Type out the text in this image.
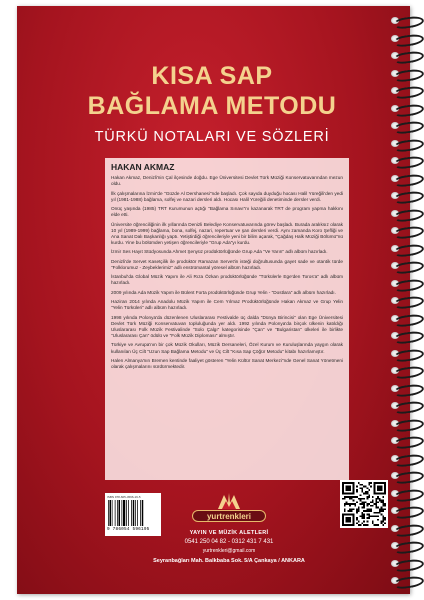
KISA SAP
BAĞLAMA METODU
TÜRKÜ NOTALARI VE SÖZLERİ
HAKAN AKMAZ

Hakan Akmaz, Denizli'nin Çal ilçesinde doğdu. Ege Üniversitesi Devlet Türk Müziği Konservatuvarından mezun oldu.

İlk çalışmalarına İzmir'de "Güzde Al Dershanesi"nde başladı. Çok sayıda duyduğu hocası Halil Yüreğili'den yedi yıl (1981-1988) bağlama, solfej ve nazari dersleri aldı. Hocası Halil Yüreğili denetiminde dersler verdi.

Onüç yaşında (1985) TRT Kurumunun açtığı "Bağlama Sınavı"nı kazanarak TRT de program yapma hakkını elde etti.

Üniversite öğrenciliğinin ilk yıllarında Denizli Belediye Konservatuvarında görev başladı. Burada aralıksız olarak 10 yıl (1989-1999) bağlama, bona, solfej, nazari, repertuar ve şan dersleri verdi. Aynı zamanda Koro Şefliği ve Ana Sanat Dalı Başkanlığı yaptı. Yetiştirdiği öğrencileriyle yeni bir bilim açarak, "Çağdaş Halk Müziği Bölümü"nü kurdu. Yine bu bölümden yetişen öğrencileriyle "Grup Ada"yı kurdu.

İzmir Ses Hayıt Stüdyosunda Ahmet Şenyüz prodüktörlüğünde Grup Ada "Ve Yarın" adlı albüm hazırladı.

Denizli'de Servet Kasetçilik ile prodüktör Ramazan Servet'in isteği doğrultusunda gayet sade ve otantik türde "Folklorumuz - Zeybeklerimiz" adlı enstrümantal yöresel albüm hazırladı.

İstanbul'da Global Müzik Yapım ile Ali Rıza Özkan prodüktörlüğünde "Türkülerle Ege'den Toros'a" adlı albüm hazırladı.

2009 yılında Ada Müzik Yapım ile Bülent Forta prodüktörlüğünde Grup Yelin - "Dostlara" adlı albüm hazırladı.

Haziran 2014 yılında Anadolu Müzik Yapım ile Cem Yılmaz Prodüktörlüğünde Hakan Akmaz ve Grup Yelin "Yelin Türküleri" adlı albüm hazırladı.

1998 yılında Polonya'da düzenlenen Uluslararası Festivalde üç dalda "Dünya Birincisi" olan Ege Üniversitesi Devlet Türk Müziği Konservatuvarı topluluğunda yer aldı. 1992 yılında Polonya'da birçok ülkenin katıldığı Uluslararası Folk Müzik Festivalinde "Solo Çalgı" kategorisinde "Çan" ve "Bulgaristan" ülkeleri ile birlikte "Uluslararası Çan" ödülü ve "Folk Müzik Diploması" almıştır.

Türkiye ve Avrupa'nın bir çok Müzik Okulları, Müzik Dersaneleri, Özel Kurum ve Kuruluşlarında yaygın olarak kullanılan Üç Cilt "Uzun Sap Bağlama Metodu" ve Üç Cilt "Kısa Sap Çöğür Metodu" kitabı hazırlamıştır.

Halen Almanya'nın Bremen kentinde faaliyet gösteren "Yelin Kültür Sanat Merkezi"nde Genel Sanat Yönetmeni olarak çalışmalarını sürdürmektedir.

ISBN 978-605-4596-19-5
9 786054 596195
yurtrenkleri
YAYIN VE MÜZİK ALETLERİ
0541 250 04 82 - 0312 431 7 431
yurtrenkleri@gmail.com
Seyranbağları Mah. Balkbaba Sok. 5/A Çankaya / ANKARA
